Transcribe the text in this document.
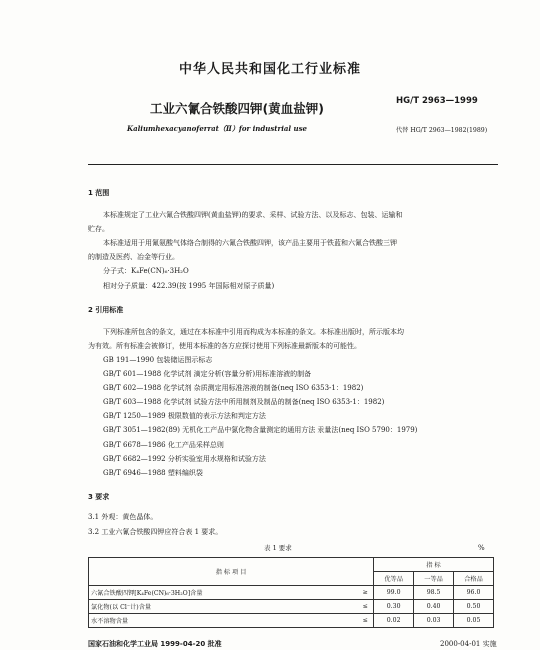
中华人民共和国化工行业标准
工业六氰合铁酸四钾(黄血盐钾)	HG/T 2963—1999
Kaliumhexacyanoferrat（Ⅱ）for industrial use	代替 HG/T 2963—1982(1989)
1 范围
本标准规定了工业六氰合铁酸四钾(黄血盐钾)的要求、采样、试验方法、以及标志、包装、运输和
贮存。
本标准适用于用氰氨酸气体络合制得的六氰合铁酸四钾，该产品主要用于铁蓝和六氰合铁酸三钾
的制造及医药、冶金等行业。
分子式：K₄Fe(CN)₆·3H₂O
相对分子质量：422.39(按 1995 年国际相对原子质量)
2 引用标准
下列标准所包含的条文，通过在本标准中引用而构成为本标准的条文。本标准出版时，所示版本均
为有效。所有标准会被修订，使用本标准的各方应探讨使用下列标准最新版本的可能性。
GB 191—1990 包装储运图示标志
GB/T 601—1988 化学试剂 滴定分析(容量分析)用标准溶液的制备
GB/T 602—1988 化学试剂 杂质测定用标准溶液的制备(neq ISO 6353-1：1982)
GB/T 603—1988 化学试剂 试验方法中所用制剂及制品的制备(neq ISO 6353-1：1982)
GB/T 1250—1989 极限数值的表示方法和判定方法
GB/T 3051—1982(89) 无机化工产品中氯化物含量测定的通用方法 汞量法(neq ISO 5790：1979)
GB/T 6678—1986 化工产品采样总则
GB/T 6682—1992 分析实验室用水规格和试验方法
GB/T 6946—1988 塑料编织袋
3 要求
3.1 外观：黄色晶体。
3.2 工业六氰合铁酸四钾应符合表 1 要求。
表 1 要求	%
指 标 项 目		指 标		
		优等品	一等品	合格品
六氰合铁酸四钾[K₄Fe(CN)₆·3H₂O]含量	≥	99.0	98.5	96.0
氯化物(以 Cl⁻计)含量	≤	0.30	0.40	0.50
水不溶物含量	≤	0.02	0.03	0.05
国家石油和化学工业局 1999-04-20 批准	2000-04-01 实施
